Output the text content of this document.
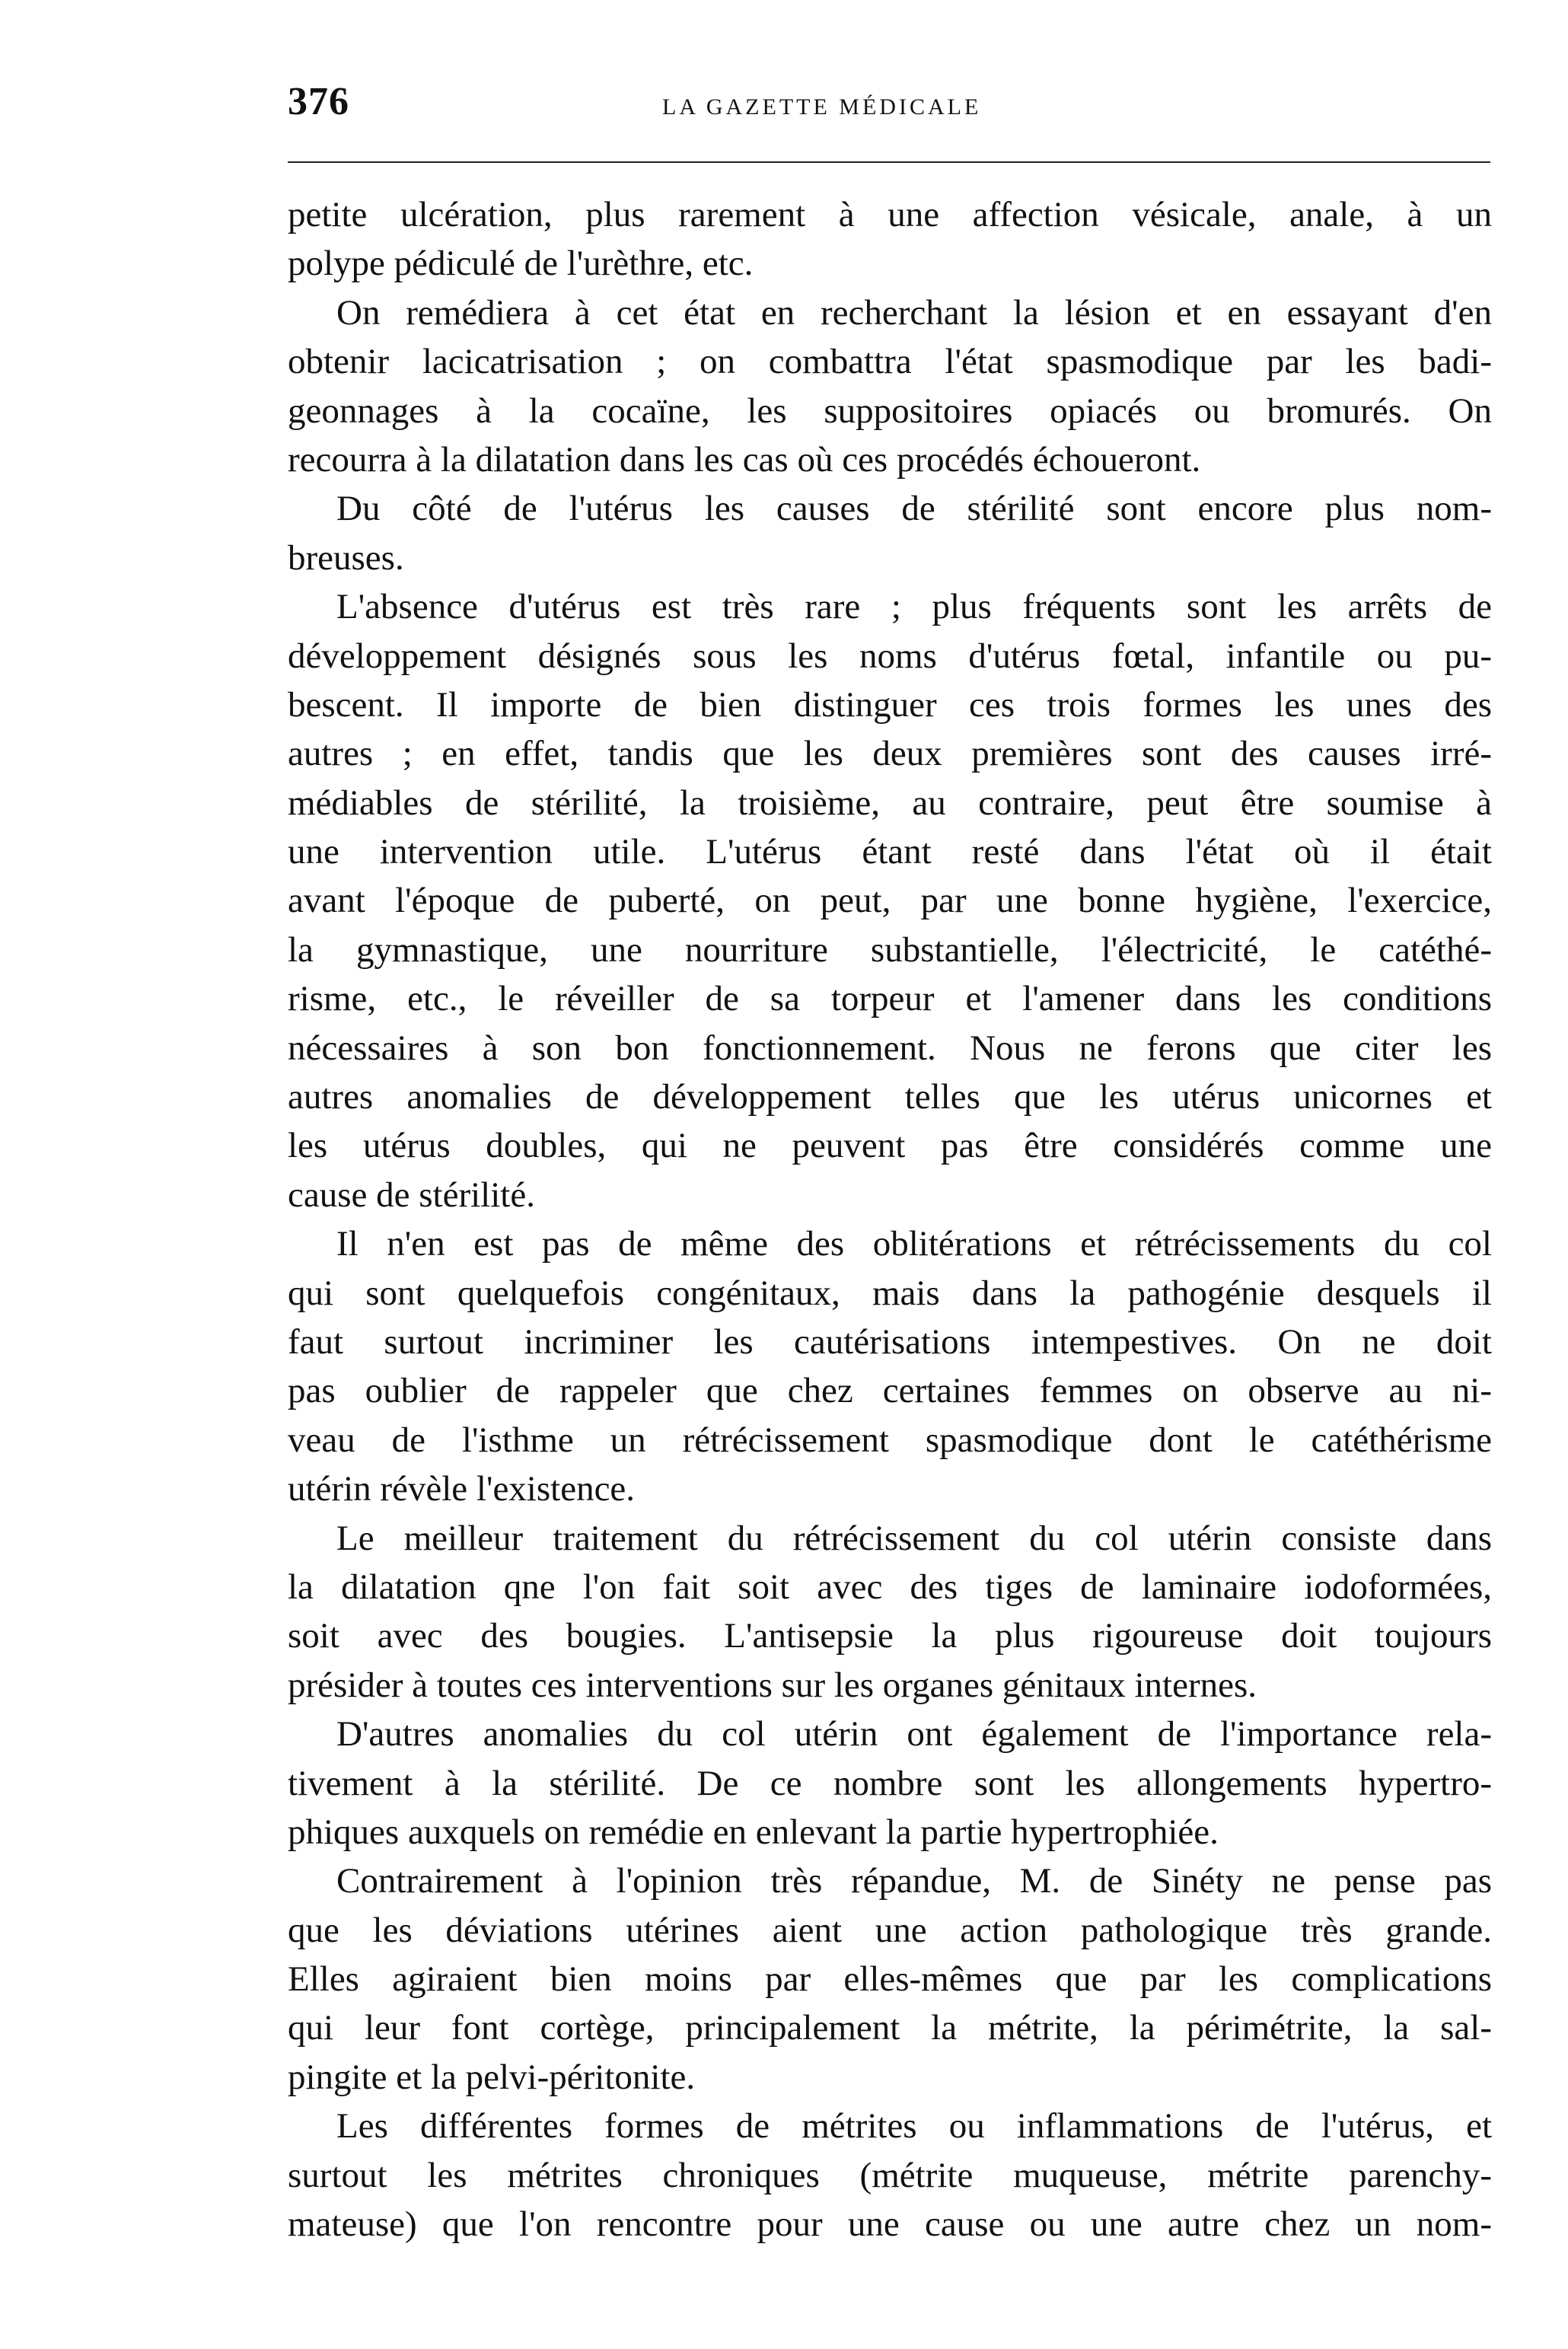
376	LA GAZETTE MÉDICALE
petite ulcération, plus rarement à une affection vésicale, anale, à un
polype pédiculé de l'urèthre, etc.
On remédiera à cet état en recherchant la lésion et en essayant d'en
obtenir lacicatrisation ; on combattra l'état spasmodique par les badi-
geonnages à la cocaïne, les suppositoires opiacés ou bromurés. On
recourra à la dilatation dans les cas où ces procédés échoueront.
Du côté de l'utérus les causes de stérilité sont encore plus nom-
breuses.
L'absence d'utérus est très rare ; plus fréquents sont les arrêts de
développement désignés sous les noms d'utérus fœtal, infantile ou pu-
bescent. Il importe de bien distinguer ces trois formes les unes des
autres ; en effet, tandis que les deux premières sont des causes irré-
médiables de stérilité, la troisième, au contraire, peut être soumise à
une intervention utile. L'utérus étant resté dans l'état où il était
avant l'époque de puberté, on peut, par une bonne hygiène, l'exercice,
la gymnastique, une nourriture substantielle, l'électricité, le catéthé-
risme, etc., le réveiller de sa torpeur et l'amener dans les conditions
nécessaires à son bon fonctionnement. Nous ne ferons que citer les
autres anomalies de développement telles que les utérus unicornes et
les utérus doubles, qui ne peuvent pas être considérés comme une
cause de stérilité.
Il n'en est pas de même des oblitérations et rétrécissements du col
qui sont quelquefois congénitaux, mais dans la pathogénie desquels il
faut surtout incriminer les cautérisations intempestives. On ne doit
pas oublier de rappeler que chez certaines femmes on observe au ni-
veau de l'isthme un rétrécissement spasmodique dont le catéthérisme
utérin révèle l'existence.
Le meilleur traitement du rétrécissement du col utérin consiste dans
la dilatation qne l'on fait soit avec des tiges de laminaire iodoformées,
soit avec des bougies. L'antisepsie la plus rigoureuse doit toujours
présider à toutes ces interventions sur les organes génitaux internes.
D'autres anomalies du col utérin ont également de l'importance rela-
tivement à la stérilité. De ce nombre sont les allongements hypertro-
phiques auxquels on remédie en enlevant la partie hypertrophiée.
Contrairement à l'opinion très répandue, M. de Sinéty ne pense pas
que les déviations utérines aient une action pathologique très grande.
Elles agiraient bien moins par elles-mêmes que par les complications
qui leur font cortège, principalement la métrite, la périmétrite, la sal-
pingite et la pelvi-péritonite.
Les différentes formes de métrites ou inflammations de l'utérus, et
surtout les métrites chroniques (métrite muqueuse, métrite parenchy-
mateuse) que l'on rencontre pour une cause ou une autre chez un nom-
